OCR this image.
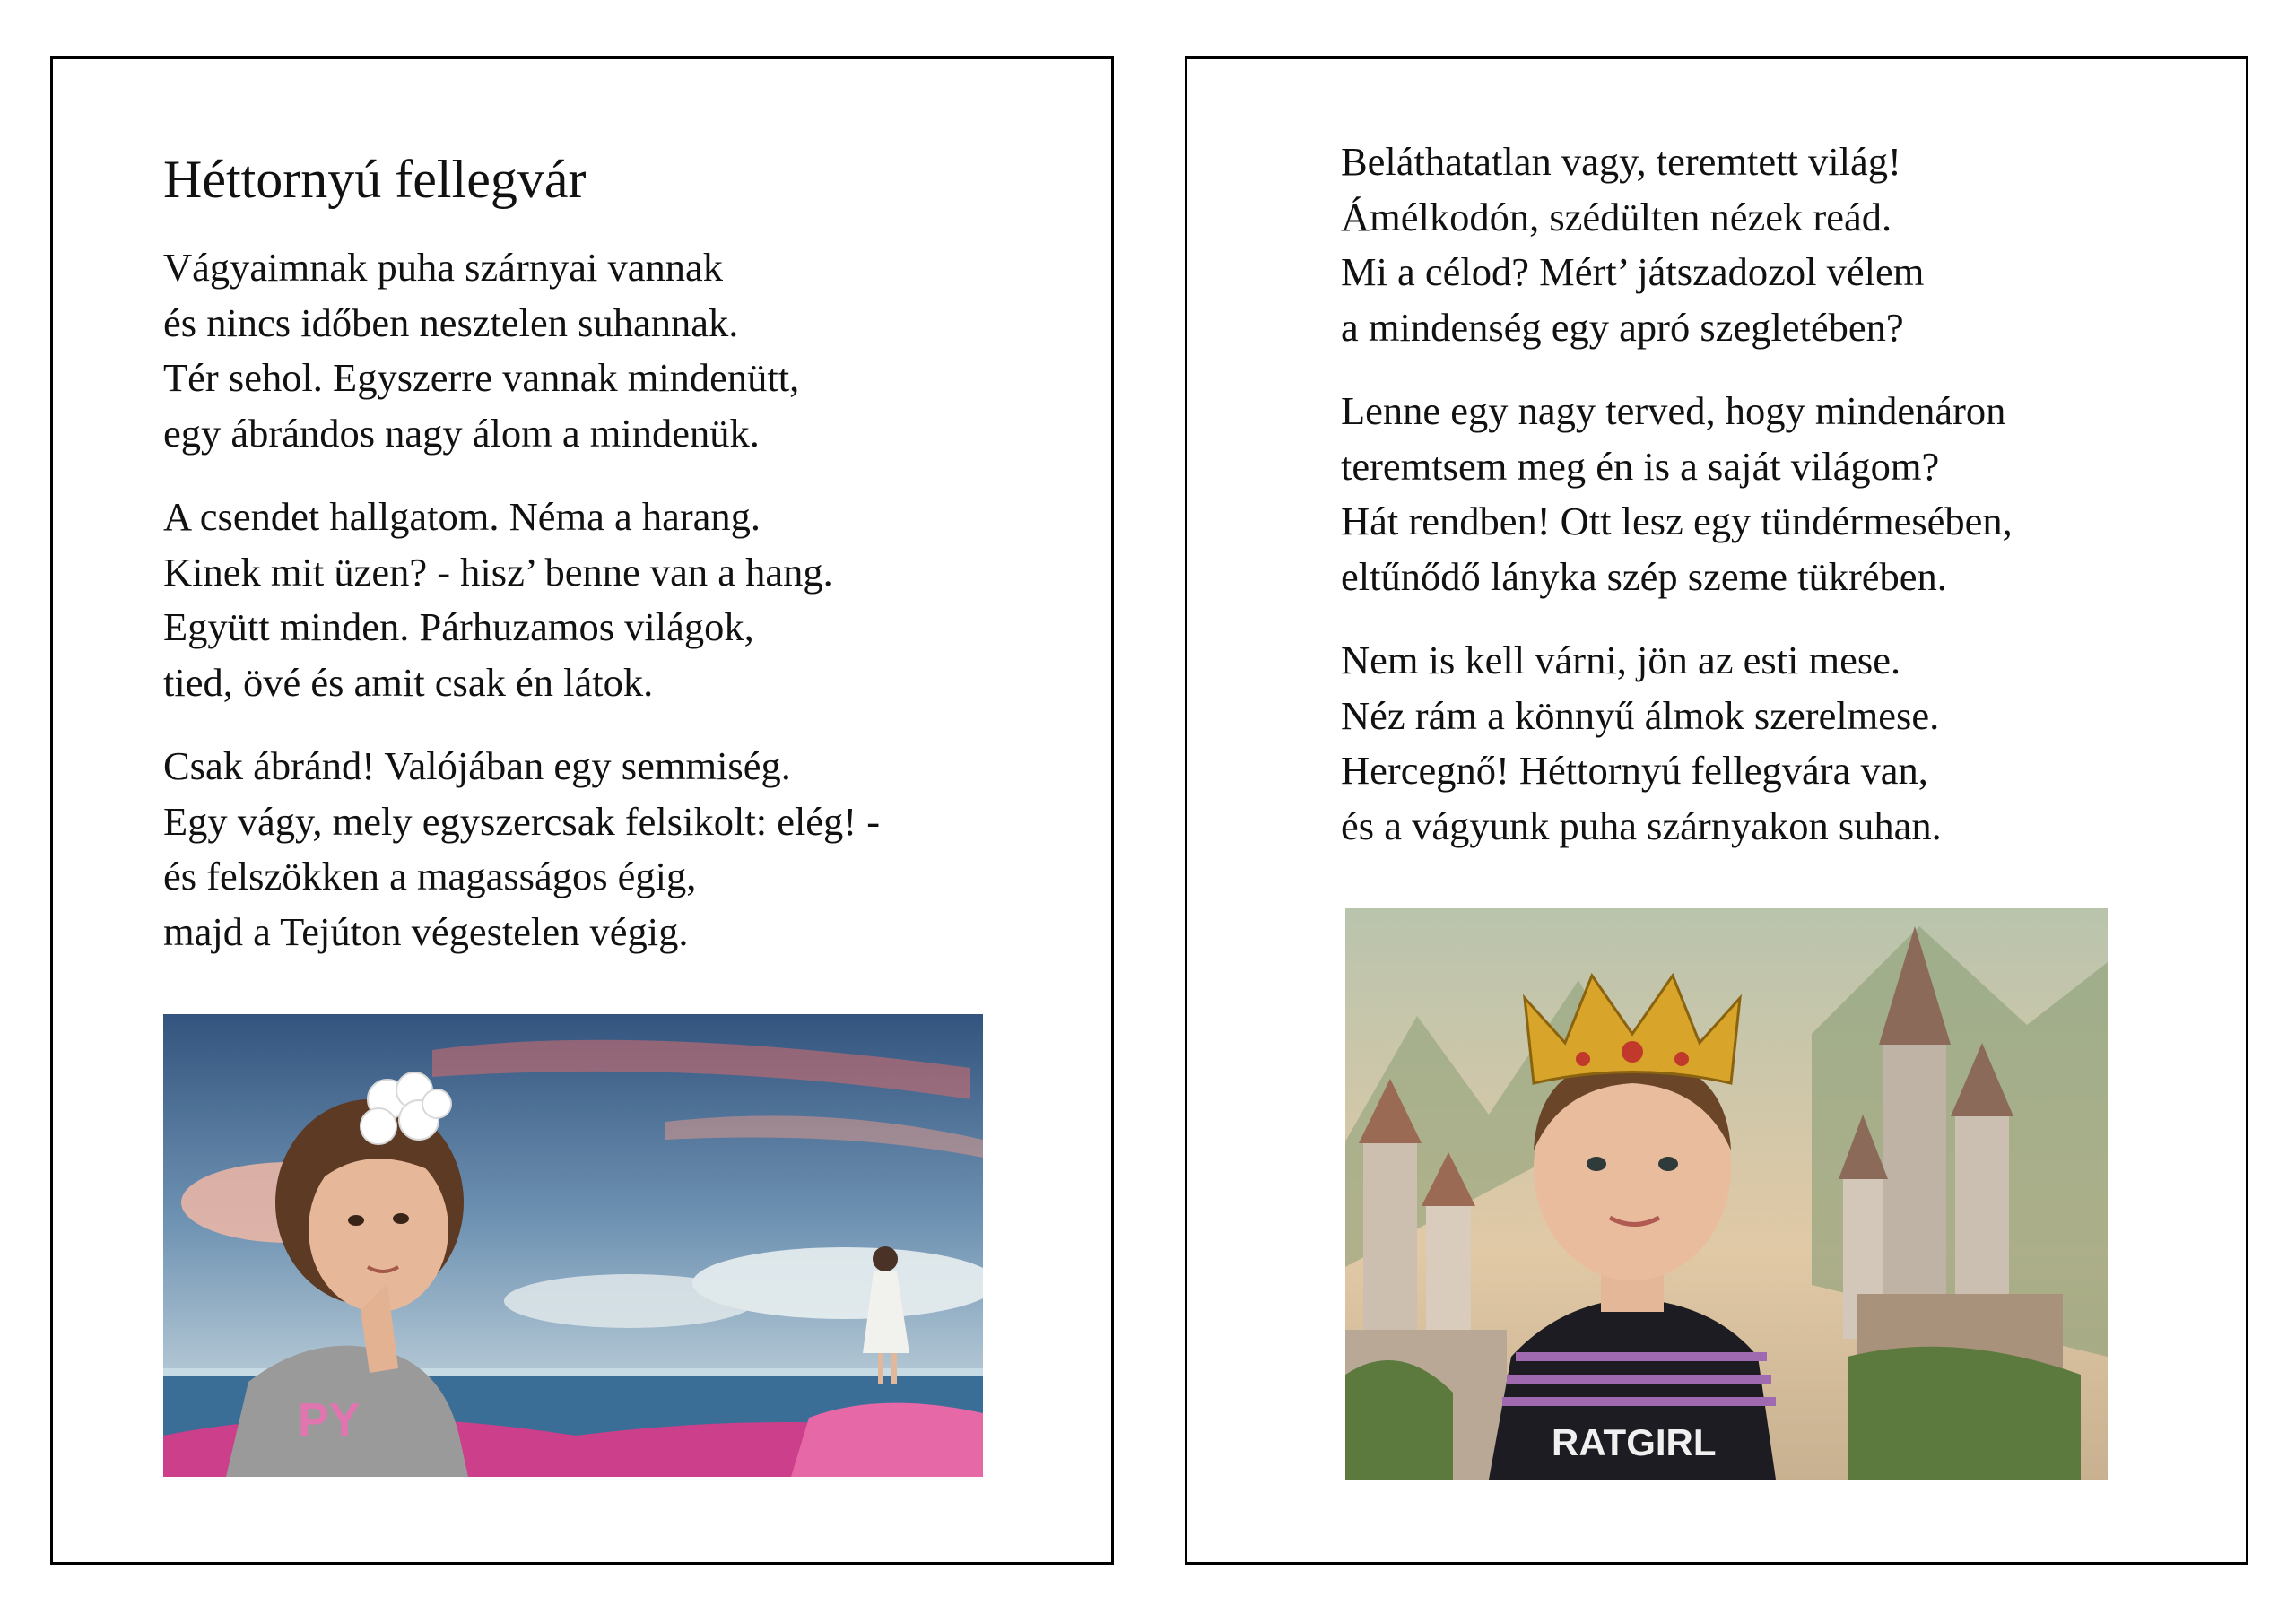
Héttornyú fellegvár

Vágyaimnak puha szárnyai vannak
és nincs időben nesztelen suhannak.
Tér sehol. Egyszerre vannak mindenütt,
egy ábrándos nagy álom a mindenük.

A csendet hallgatom. Néma a harang.
Kinek mit üzen? - hisz’ benne van a hang.
Együtt minden. Párhuzamos világok,
tied, övé és amit csak én látok.

Csak ábránd! Valójában egy semmiség.
Egy vágy, mely egyszercsak felsikolt: elég! -
és felszökken a magasságos égig,
majd a Tejúton végestelen végig.

PY

Beláthatatlan vagy, teremtett világ!
Ámélkodón, szédülten nézek reád.
Mi a célod? Mért’ játszadozol vélem
a mindenség egy apró szegletében?

Lenne egy nagy terved, hogy mindenáron
teremtsem meg én is a saját világom?
Hát rendben! Ott lesz egy tündérmesében,
eltűnődő lányka szép szeme tükrében.

Nem is kell várni, jön az esti mese.
Néz rám a könnyű álmok szerelmese.
Hercegnő! Héttornyú fellegvára van,
és a vágyunk puha szárnyakon suhan.

RATGIRL
